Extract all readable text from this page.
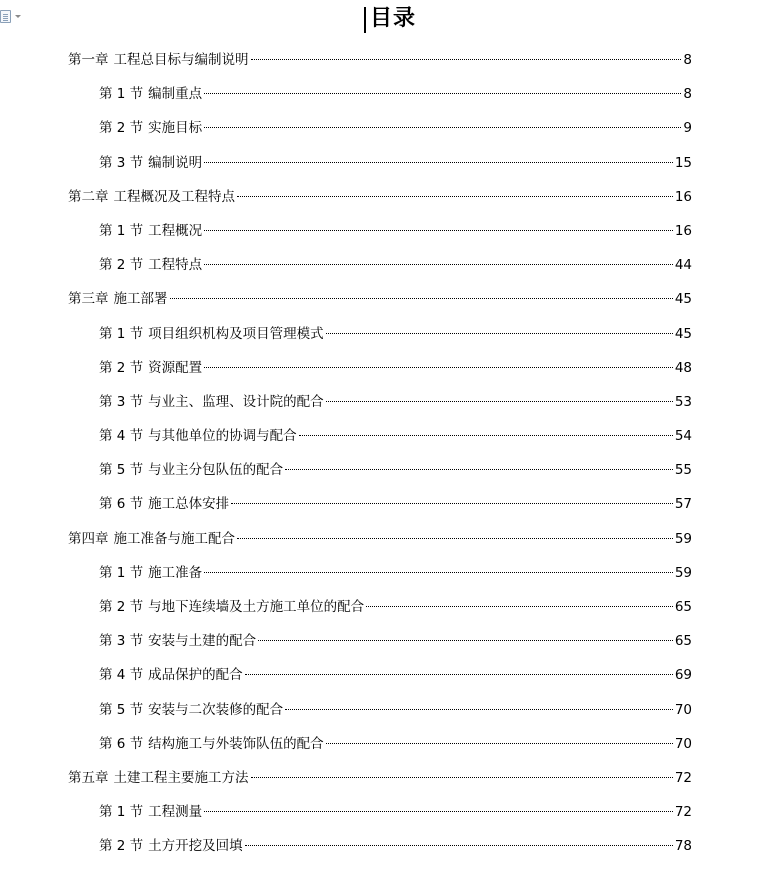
目录
第一章 工程总目标与编制说明	8
第 1 节 编制重点	8
第 2 节 实施目标	9
第 3 节 编制说明	15
第二章 工程概况及工程特点	16
第 1 节 工程概况	16
第 2 节 工程特点	44
第三章 施工部署	45
第 1 节 项目组织机构及项目管理模式	45
第 2 节 资源配置	48
第 3 节 与业主、监理、设计院的配合	53
第 4 节 与其他单位的协调与配合	54
第 5 节 与业主分包队伍的配合	55
第 6 节 施工总体安排	57
第四章 施工准备与施工配合	59
第 1 节 施工准备	59
第 2 节 与地下连续墙及土方施工单位的配合	65
第 3 节 安装与土建的配合	65
第 4 节 成品保护的配合	69
第 5 节 安装与二次装修的配合	70
第 6 节 结构施工与外装饰队伍的配合	70
第五章 土建工程主要施工方法	72
第 1 节 工程测量	72
第 2 节 土方开挖及回填	78
